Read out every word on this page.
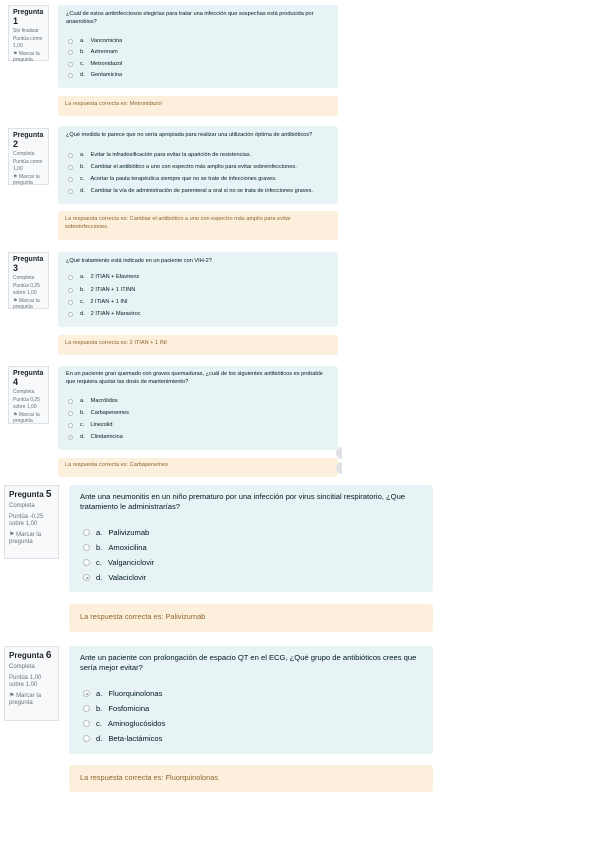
Pregunta 1
Sin finalizar
Puntúa como 1,00
⚑ Marcar la pregunta
¿Cuál de estos antiinfecciosos elegirías para tratar una infección que sospechas está producida por anaerobios?
a. Vancomicina
b. Aztreonam
c. Metronidazol
d. Gentamicina
La respuesta correcta es: Metronidazol
Pregunta 2
Completa
Puntúa como 1,00
⚑ Marcar la pregunta
¿Qué medida te parece que no sería apropiada para realizar una utilización óptima de antibióticos?
a. Evitar la infradosificación para evitar la aparición de resistencias.
b. Cambiar el antibiótico a uno con espectro más amplio para evitar sobreinfecciones.
c. Acortar la pauta terapéutica siempre que no se trate de infecciones graves.
d. Cambiar la vía de administración de parenteral a oral si no se trata de infecciones graves.
La respuesta correcta es: Cambiar el antibiótico a uno con espectro más amplio para evitar sobreinfecciones.
Pregunta 3
Completa
Puntúa 0,25 sobre 1,00
⚑ Marcar la pregunta
¿Qué tratamiento está indicado en un paciente con VIH-2?
a. 2 ITIAN + Efavirenz
b. 2 ITIAN + 1 ITINN
c. 2 ITIAN + 1 INI
d. 2 ITIAN + Maraviroc
La respuesta correcta es: 2 ITIAN + 1 INI
Pregunta 4
Completa
Puntúa 0,25 sobre 1,00
⚑ Marcar la pregunta
En un paciente gran quemado con graves quemaduras, ¿cuál de los siguientes antibióticos es probable que requiera ajustar las dosis de mantenimiento?
a. Macrólidos
b. Carbapenemes
c. Linezolid
d. Clindamicina
La respuesta correcta es: Carbapenemes
Pregunta 5
Completa
Puntúa -0,25 sobre 1,00
⚑ Marcar la pregunta
Ante una neumonitis en un niño prematuro por una infección por virus sincitial respiratorio, ¿Que tratamiento le administrarías?
a. Palivizumab
b. Amoxicilina
c. Valganciclovir
d. Valaciclovir
La respuesta correcta es: Palivizumab
Pregunta 6
Completa
Puntúa 1,00 sobre 1,00
⚑ Marcar la pregunta
Ante un paciente con prolongación de espacio QT en el ECG, ¿Qué grupo de antibióticos crees que sería mejor evitar?
a. Fluorquinolonas
b. Fosfomicina
c. Aminoglucósidos
d. Beta-lactámicos
La respuesta correcta es: Fluorquinolonas
